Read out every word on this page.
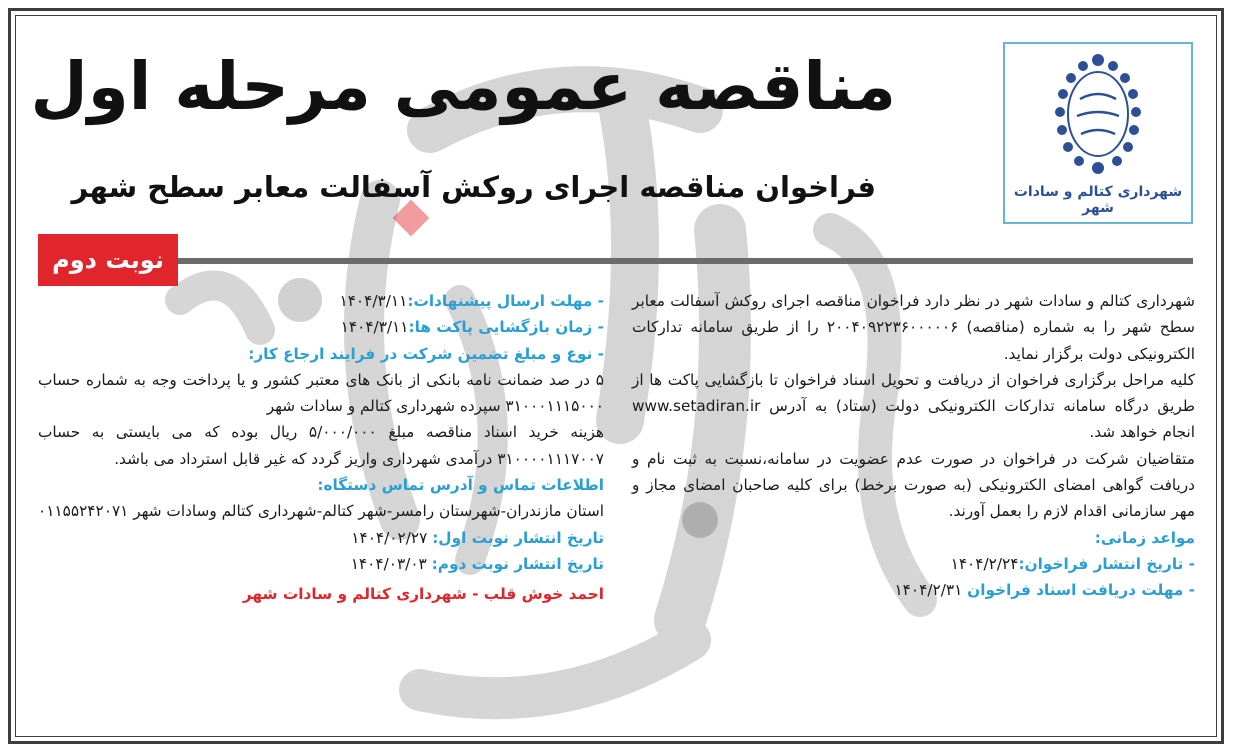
شهرداری کتالم و سادات شهر
مناقصه عمومی مرحله اول
فراخوان مناقصه اجرای روکش آسفالت معابر سطح شهر
نوبت دوم

شهرداری کتالم و سادات شهر در نظر دارد فراخوان مناقصه اجرای روکش آسفالت معابر سطح شهر را به شماره (مناقصه) ۲۰۰۴۰۹۲۲۳۶۰۰۰۰۰۶ را از طریق سامانه تدارکات الکترونیکی دولت برگزار نماید.

کلیه مراحل برگزاری فراخوان از دریافت و تحویل اسناد فراخوان تا بازگشایی پاکت ها از طریق درگاه سامانه تدارکات الکترونیکی دولت (ستاد) به آدرس www.setadiran.ir انجام خواهد شد.

متقاضیان شرکت در فراخوان در صورت عدم عضویت در سامانه،نسبت به ثبت نام و دریافت گواهی امضای الکترونیکی (به صورت برخط) برای کلیه صاحبان امضای مجاز و مهر سازمانی اقدام لازم را بعمل آورند.

مواعد زمانی:

- تاریخ انتشار فراخوان:۱۴۰۴/۲/۲۴

- مهلت دریافت اسناد فراخوان ۱۴۰۴/۲/۳۱

- مهلت ارسال پیشنهادات:۱۴۰۴/۳/۱۱

- زمان بازگشایی پاکت ها:۱۴۰۴/۳/۱۱

- نوع و مبلغ تضمین شرکت در فرایند ارجاع کار:

۵ در صد ضمانت نامه بانکی از بانک های معتبر کشور و یا پرداخت وجه به شماره حساب ۳۱۰۰۰۱۱۱۵۰۰۰ سپرده شهرداری کتالم و سادات شهر

هزینه خرید اسناد مناقصه مبلغ ۵/۰۰۰/۰۰۰ ریال بوده که می بایستی به حساب ۳۱۰۰۰۰۱۱۱۷۰۰۷ درآمدی شهرداری واریز گردد که غیر قابل استرداد می باشد.

اطلاعات تماس و آدرس تماس دستگاه:

استان مازندران-شهرستان رامسر-شهر کتالم-شهرداری کتالم وسادات شهر ۰۱۱۵۵۲۴۲۰۷۱

تاریخ انتشار نوبت اول: ۱۴۰۴/۰۲/۲۷

تاریخ انتشار نوبت دوم: ۱۴۰۴/۰۳/۰۳

احمد خوش قلب - شهرداری کتالم و سادات شهر
